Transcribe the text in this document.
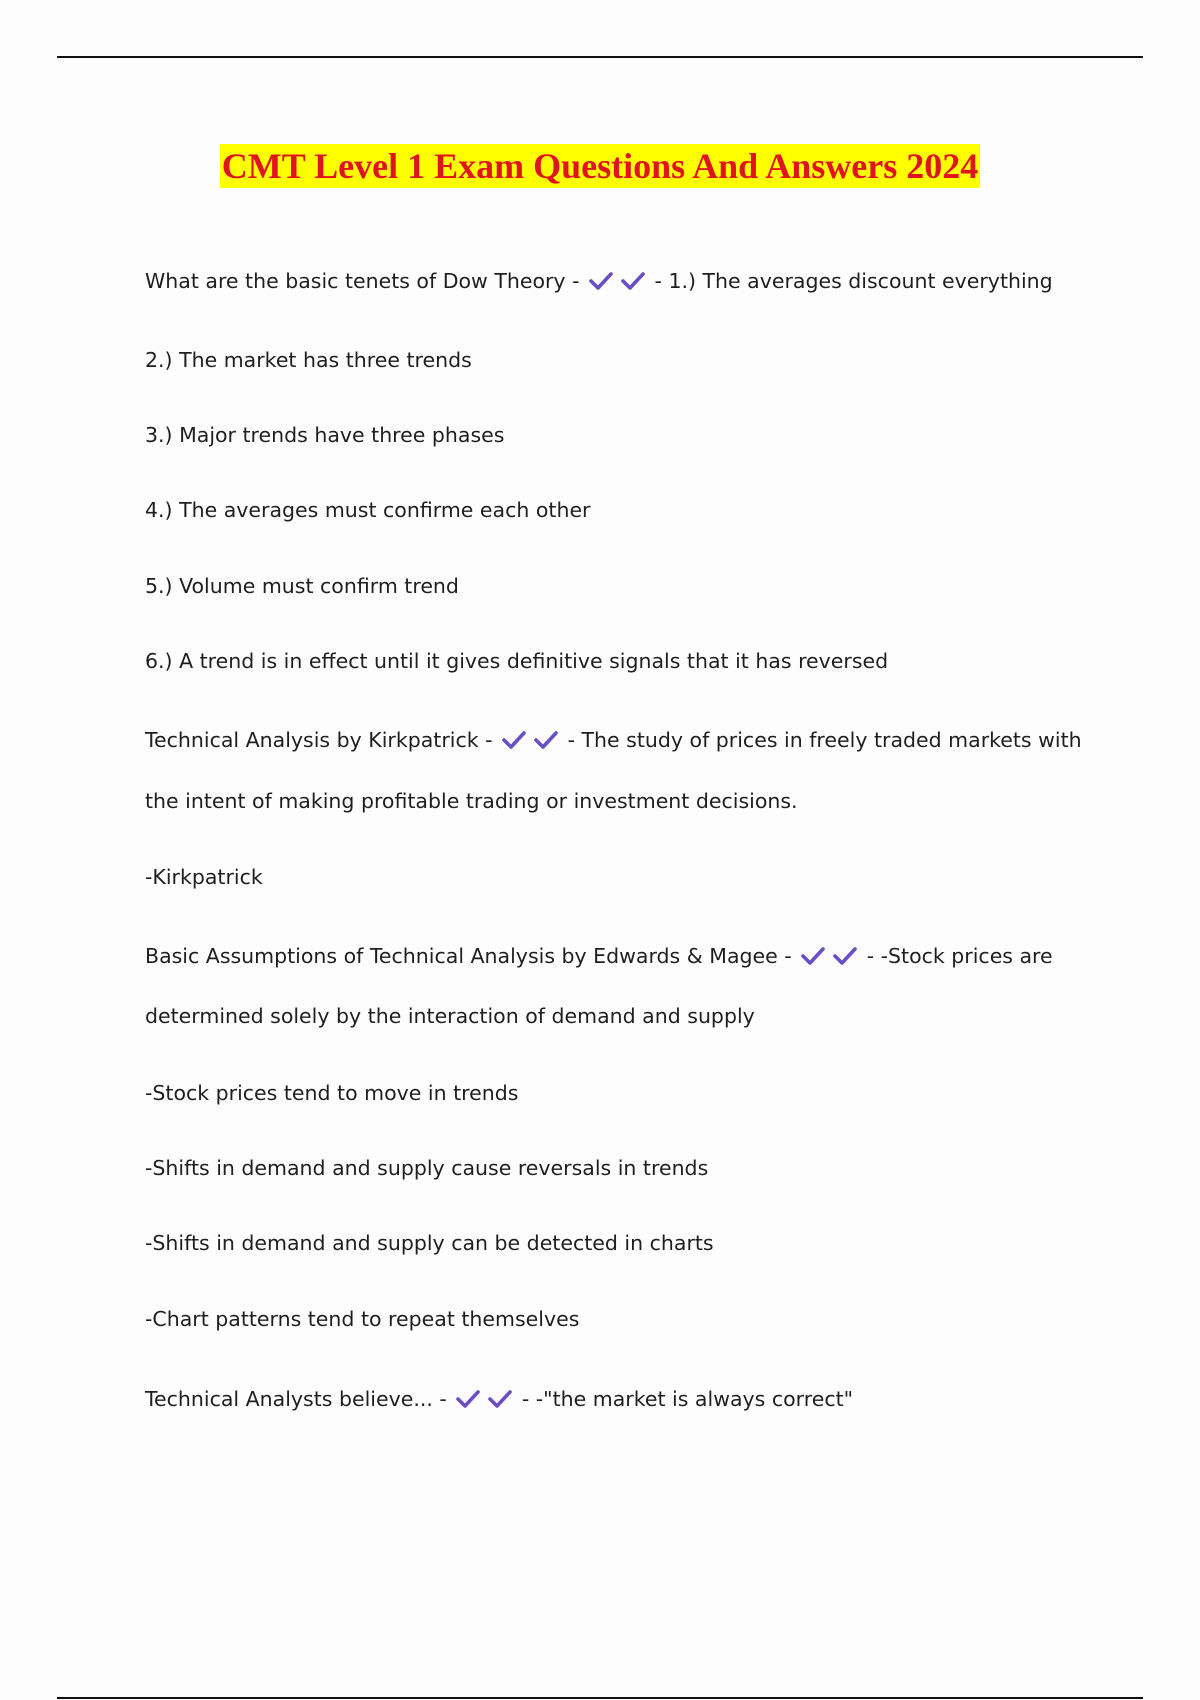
CMT Level 1 Exam Questions And Answers 2024
What are the basic tenets of Dow Theory -	- 1.) The averages discount everything
2.) The market has three trends
3.) Major trends have three phases
4.) The averages must confirme each other
5.) Volume must confirm trend
6.) A trend is in effect until it gives definitive signals that it has reversed
Technical Analysis by Kirkpatrick -	- The study of prices in freely traded markets with
the intent of making profitable trading or investment decisions.
-Kirkpatrick
Basic Assumptions of Technical Analysis by Edwards & Magee -	- -Stock prices are
determined solely by the interaction of demand and supply
-Stock prices tend to move in trends
-Shifts in demand and supply cause reversals in trends
-Shifts in demand and supply can be detected in charts
-Chart patterns tend to repeat themselves
Technical Analysts believe... -	- -"the market is always correct"
